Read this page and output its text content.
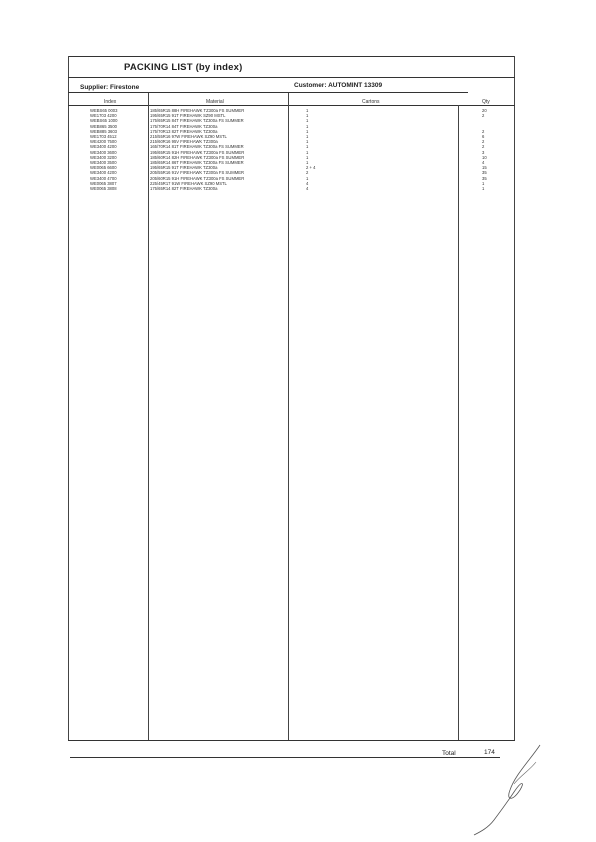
PACKING LIST (by index)
Supplier: Firestone	Customer: AUTOMINT 13309
Index	Material	Cartons	Qty
WEBS65 0003	185/65R15 88H FIREHAWK TZ300a FS SUMMER	1	20
WE1703 4200	195/65R15 91T FIREHAWK SZ90 MSTL	1	2
WEBS65 1000	175/65R15 84T FIREHAWK TZ300a FS SUMMER	1
WEB865 3500	175/70R14 84T FIREHAWK TZ300a	1
WEB885 3603	175/70R13 82T FIREHAWK TZ300a	1	2
WE1703 4512	215/55R16 97W FIREHAWK SZ90 MSTL	1	6
WE4200 7500	215/60R16 95V FIREHAWK TZ300a	1	2
WE3400 4200	165/70R14 81T FIREHAWK TZ300a FS SUMMER	1	2
WE3400 3600	195/65R15 91H FIREHAWK TZ300a FS SUMMER	1	3
WE3400 3200	185/60R14 82H FIREHAWK TZ300a FS SUMMER	1	10
WE3400 3500	185/65R14 86T FIREHAWK TZ300a FS SUMMER	1	4
WE0065 6600	195/65R15 91T FIREHAWK TZ300a	2 + 4	15
WE3400 4200	205/55R16 91V FIREHAWK TZ300a FS SUMMER	2	35
WE3400 4700	205/60R15 91H FIREHAWK TZ300a FS SUMMER	1	35
WE0065 3807	225/45R17 91W FIREHAWK SZ90 MSTL	4	1
WE0065 3808	175/65R14 82T FIREHAWK TZ300a	4	1
Total	174
